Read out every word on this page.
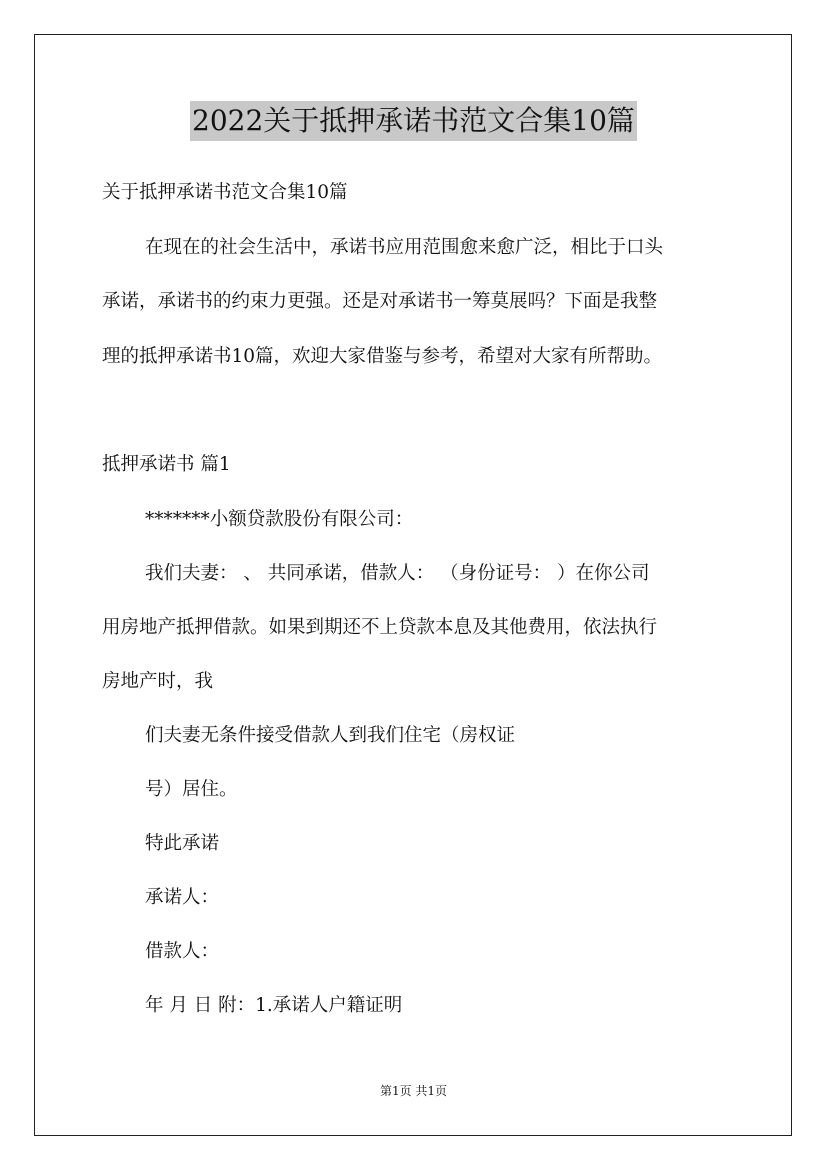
2022关于抵押承诺书范文合集10篇

关于抵押承诺书范文合集10篇

在现在的社会生活中，承诺书应用范围愈来愈广泛，相比于口头

承诺，承诺书的约束力更强。还是对承诺书一筹莫展吗？下面是我整

理的抵押承诺书10篇，欢迎大家借鉴与参考，希望对大家有所帮助。

抵押承诺书 篇1

*******小额贷款股份有限公司：

我们夫妻： 、 共同承诺，借款人： （身份证号： ）在你公司

用房地产抵押借款。如果到期还不上贷款本息及其他费用，依法执行

房地产时，我

们夫妻无条件接受借款人到我们住宅（房权证

号）居住。

特此承诺

承诺人：

借款人：

年 月 日 附：1.承诺人户籍证明

第1页 共1页
